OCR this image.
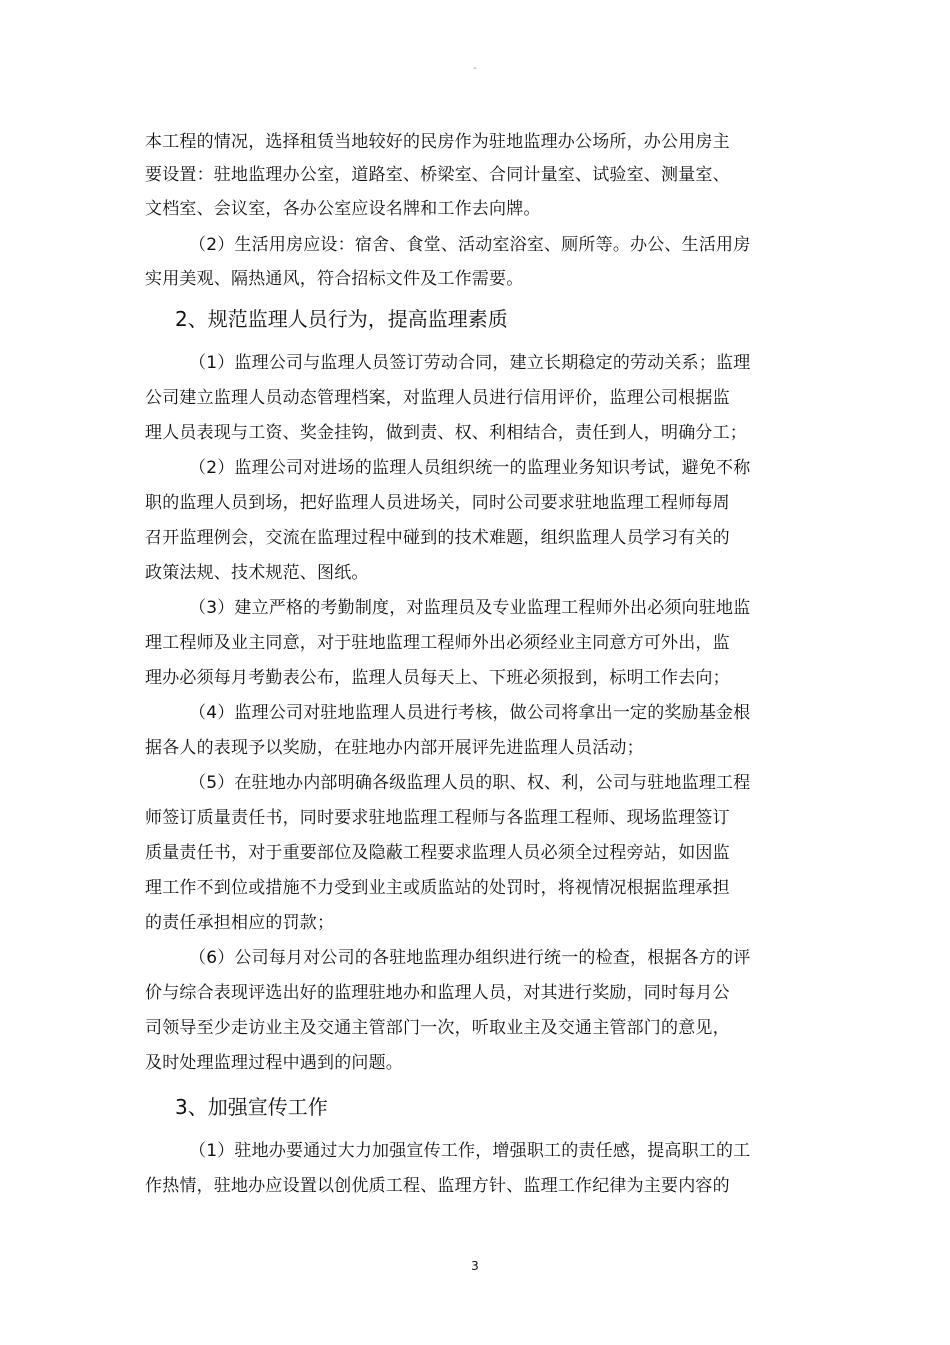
-
本工程的情况，选择租赁当地较好的民房作为驻地监理办公场所，办公用房主
要设置：驻地监理办公室，道路室、桥梁室、合同计量室、试验室、测量室、
文档室、会议室，各办公室应设名牌和工作去向牌。
（2）生活用房应设：宿舍、食堂、活动室浴室、厕所等。办公、生活用房
实用美观、隔热通风，符合招标文件及工作需要。
2、规范监理人员行为，提高监理素质
（1）监理公司与监理人员签订劳动合同，建立长期稳定的劳动关系；监理
公司建立监理人员动态管理档案，对监理人员进行信用评价，监理公司根据监
理人员表现与工资、奖金挂钩，做到责、权、利相结合，责任到人，明确分工；
（2）监理公司对进场的监理人员组织统一的监理业务知识考试，避免不称
职的监理人员到场，把好监理人员进场关，同时公司要求驻地监理工程师每周
召开监理例会，交流在监理过程中碰到的技术难题，组织监理人员学习有关的
政策法规、技术规范、图纸。
（3）建立严格的考勤制度，对监理员及专业监理工程师外出必须向驻地监
理工程师及业主同意，对于驻地监理工程师外出必须经业主同意方可外出，监
理办必须每月考勤表公布，监理人员每天上、下班必须报到，标明工作去向；
（4）监理公司对驻地监理人员进行考核，做公司将拿出一定的奖励基金根
据各人的表现予以奖励，在驻地办内部开展评先进监理人员活动；
（5）在驻地办内部明确各级监理人员的职、权、利，公司与驻地监理工程
师签订质量责任书，同时要求驻地监理工程师与各监理工程师、现场监理签订
质量责任书，对于重要部位及隐蔽工程要求监理人员必须全过程旁站，如因监
理工作不到位或措施不力受到业主或质监站的处罚时，将视情况根据监理承担
的责任承担相应的罚款；
（6）公司每月对公司的各驻地监理办组织进行统一的检查，根据各方的评
价与综合表现评选出好的监理驻地办和监理人员，对其进行奖励，同时每月公
司领导至少走访业主及交通主管部门一次，听取业主及交通主管部门的意见，
及时处理监理过程中遇到的问题。
3、加强宣传工作
（1）驻地办要通过大力加强宣传工作，增强职工的责任感，提高职工的工
作热情，驻地办应设置以创优质工程、监理方针、监理工作纪律为主要内容的
3
